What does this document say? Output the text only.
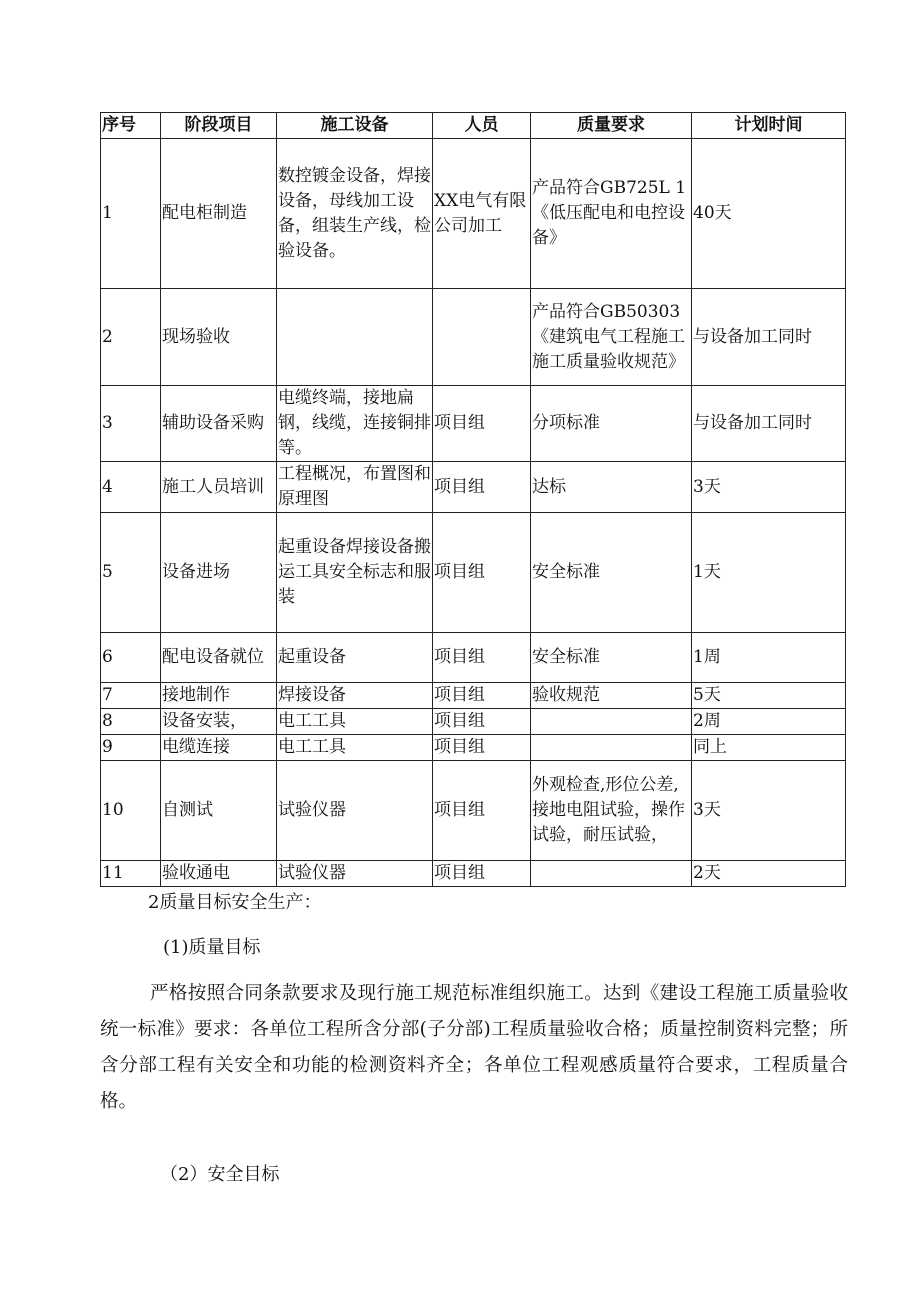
序号	阶段项目	施工设备	人员	质量要求	计划时间
1	配电柜制造	数控镀金设备，焊接设备，母线加工设备，组装生产线，检验设备。	XX电气有限公司加工	产品符合GB725L 1《低压配电和电控设备》	40天
2	现场验收			产品符合GB50303 《建筑电气工程施工施工质量验收规范》	与设备加工同时
3	辅助设备采购	电缆终端，接地扁钢，线缆，连接铜排等。	项目组	分项标准	与设备加工同时
4	施工人员培训	工程概况，布置图和原理图	项目组	达标	3天
5	设备进场	起重设备焊接设备搬运工具安全标志和服装	项目组	安全标准	1天
6	配电设备就位	起重设备	项目组	安全标准	1周
7	接地制作	焊接设备	项目组	验收规范	5天
8	设备安装，	电工工具	项目组		2周
9	电缆连接	电工工具	项目组		同上
10	自测试	试验仪器	项目组	外观检查,形位公差,接地电阻试验，操作试验，耐压试验，	3天
11	验收通电	试验仪器	项目组		2天
2质量目标安全生产：
(1)质量目标

严格按照合同条款要求及现行施工规范标准组织施工。达到《建设工程施工质量验收统一标准》要求：各单位工程所含分部(子分部)工程质量验收合格；质量控制资料完整；所含分部工程有关安全和功能的检测资料齐全；各单位工程观感质量符合要求，工程质量合格。

（2）安全目标
